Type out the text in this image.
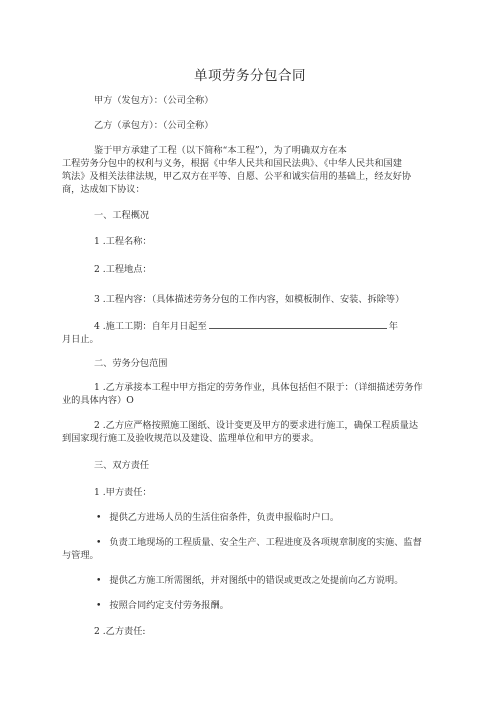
单项劳务分包合同
甲方（发包方）：（公司全称）
乙方（承包方）：（公司全称）
鉴于甲方承建了工程（以下简称“本工程”），为了明确双方在本
工程劳务分包中的权利与义务，根据《中华人民共和国民法典》、《中华人民共和国建
筑法》及相关法律法规，甲乙双方在平等、自愿、公平和诚实信用的基础上，经友好协
商，达成如下协议：
一、工程概况
1 .工程名称：
2 .工程地点：
3 .工程内容：（具体描述劳务分包的工作内容，如模板制作、安装、拆除等）
4 .施工工期：自年月日起至	年
月日止。
二、劳务分包范围
1 .乙方承接本工程中甲方指定的劳务作业，具体包括但不限于：（详细描述劳务作
业的具体内容）O
2 .乙方应严格按照施工图纸、设计变更及甲方的要求进行施工，确保工程质量达
到国家现行施工及验收规范以及建设、监理单位和甲方的要求。
三、双方责任
1 .甲方责任：
• 提供乙方进场人员的生活住宿条件，负责申报临时户口。
• 负责工地现场的工程质量、安全生产、工程进度及各项规章制度的实施、监督
与管理。
• 提供乙方施工所需图纸，并对图纸中的错误或更改之处提前向乙方说明。
• 按照合同约定支付劳务报酬。
2 .乙方责任:
